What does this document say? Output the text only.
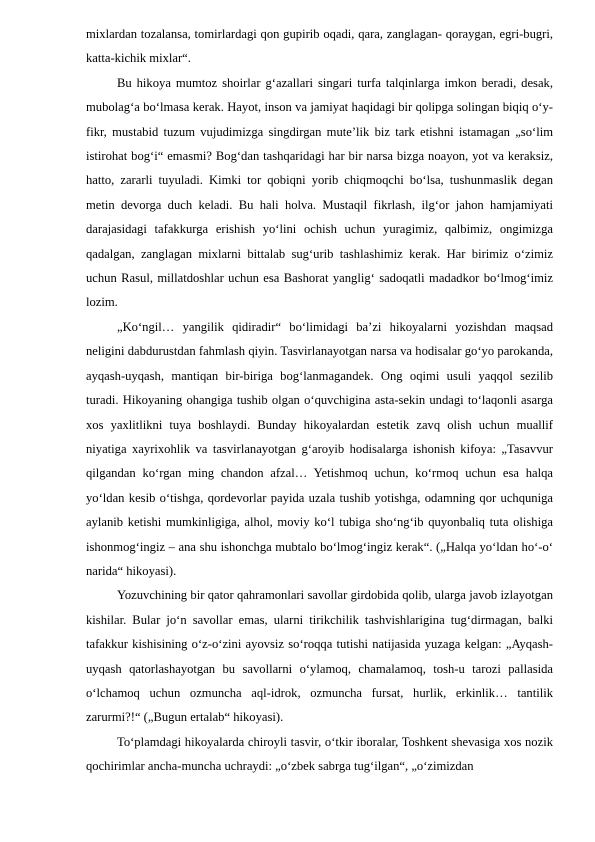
mixlardan tozalansa, tomirlardagi qon gupirib oqadi, qara, zanglagan- qoraygan, egri-bugri, katta-kichik mixlar“.

Bu hikoya mumtoz shoirlar g‘azallari singari turfa talqinlarga imkon beradi, desak, mubolag‘a bo‘lmasa kerak. Hayot, inson va jamiyat haqidagi bir qolipga solingan biqiq o‘y-fikr, mustabid tuzum vujudimizga singdirgan mute’lik biz tark etishni istamagan „so‘lim istirohat bog‘i“ emasmi? Bog‘dan tashqaridagi har bir narsa bizga noayon, yot va keraksiz, hatto, zararli tuyuladi. Kimki tor qobiqni yorib chiqmoqchi bo‘lsa, tushunmaslik degan metin devorga duch keladi. Bu hali holva. Mustaqil fikrlash, ilg‘or jahon hamjamiyati darajasidagi tafakkurga erishish yo‘lini ochish uchun yuragimiz, qalbimiz, ongimizga qadalgan, zanglagan mixlarni bittalab sug‘urib tashlashimiz kerak. Har birimiz o‘zimiz uchun Rasul, millatdoshlar uchun esa Bashorat yanglig‘ sadoqatli madadkor bo‘lmog‘imiz lozim.

„Ko‘ngil… yangilik qidiradir“ bo‘limidagi ba’zi hikoyalarni yozishdan maqsad neligini dabdurustdan fahmlash qiyin. Tasvirlanayotgan narsa va hodisalar go‘yo parokanda, ayqash-uyqash, mantiqan bir-biriga bog‘lanmagandek. Ong oqimi usuli yaqqol sezilib turadi. Hikoyaning ohangiga tushib olgan o‘quvchigina asta-sekin undagi to‘laqonli asarga xos yaxlitlikni tuya boshlaydi. Bunday hikoyalardan estetik zavq olish uchun muallif niyatiga xayrixohlik va tasvirlanayotgan g‘aroyib hodisalarga ishonish kifoya: „Tasavvur qilgandan ko‘rgan ming chandon afzal… Yetishmoq uchun, ko‘rmoq uchun esa halqa yo‘ldan kesib o‘tishga, qordevorlar payida uzala tushib yotishga, odamning qor uchquniga aylanib ketishi mumkinligiga, alhol, moviy ko‘l tubiga sho‘ng‘ib quyonbaliq tuta olishiga ishonmog‘ingiz – ana shu ishonchga mubtalo bo‘lmog‘ingiz kerak“. („Halqa yo‘ldan ho‘-o‘ narida“ hikoyasi).

Yozuvchining bir qator qahramonlari savollar girdobida qolib, ularga javob izlayotgan kishilar. Bular jo‘n savollar emas, ularni tirikchilik tashvishlarigina tug‘dirmagan, balki tafakkur kishisining o‘z-o‘zini ayovsiz so‘roqqa tutishi natijasida yuzaga kelgan: „Ayqash-uyqash qatorlashayotgan bu savollarni o‘ylamoq, chamalamoq, tosh-u tarozi pallasida o‘lchamoq uchun ozmuncha aql-idrok, ozmuncha fursat, hurlik, erkinlik… tantilik zarurmi?!“ („Bugun ertalab“ hikoyasi).

To‘plamdagi hikoyalarda chiroyli tasvir, o‘tkir iboralar, Toshkent shevasiga xos nozik qochirimlar ancha-muncha uchraydi: „o‘zbek sabrga tug‘ilgan“, „o‘zimizdan
